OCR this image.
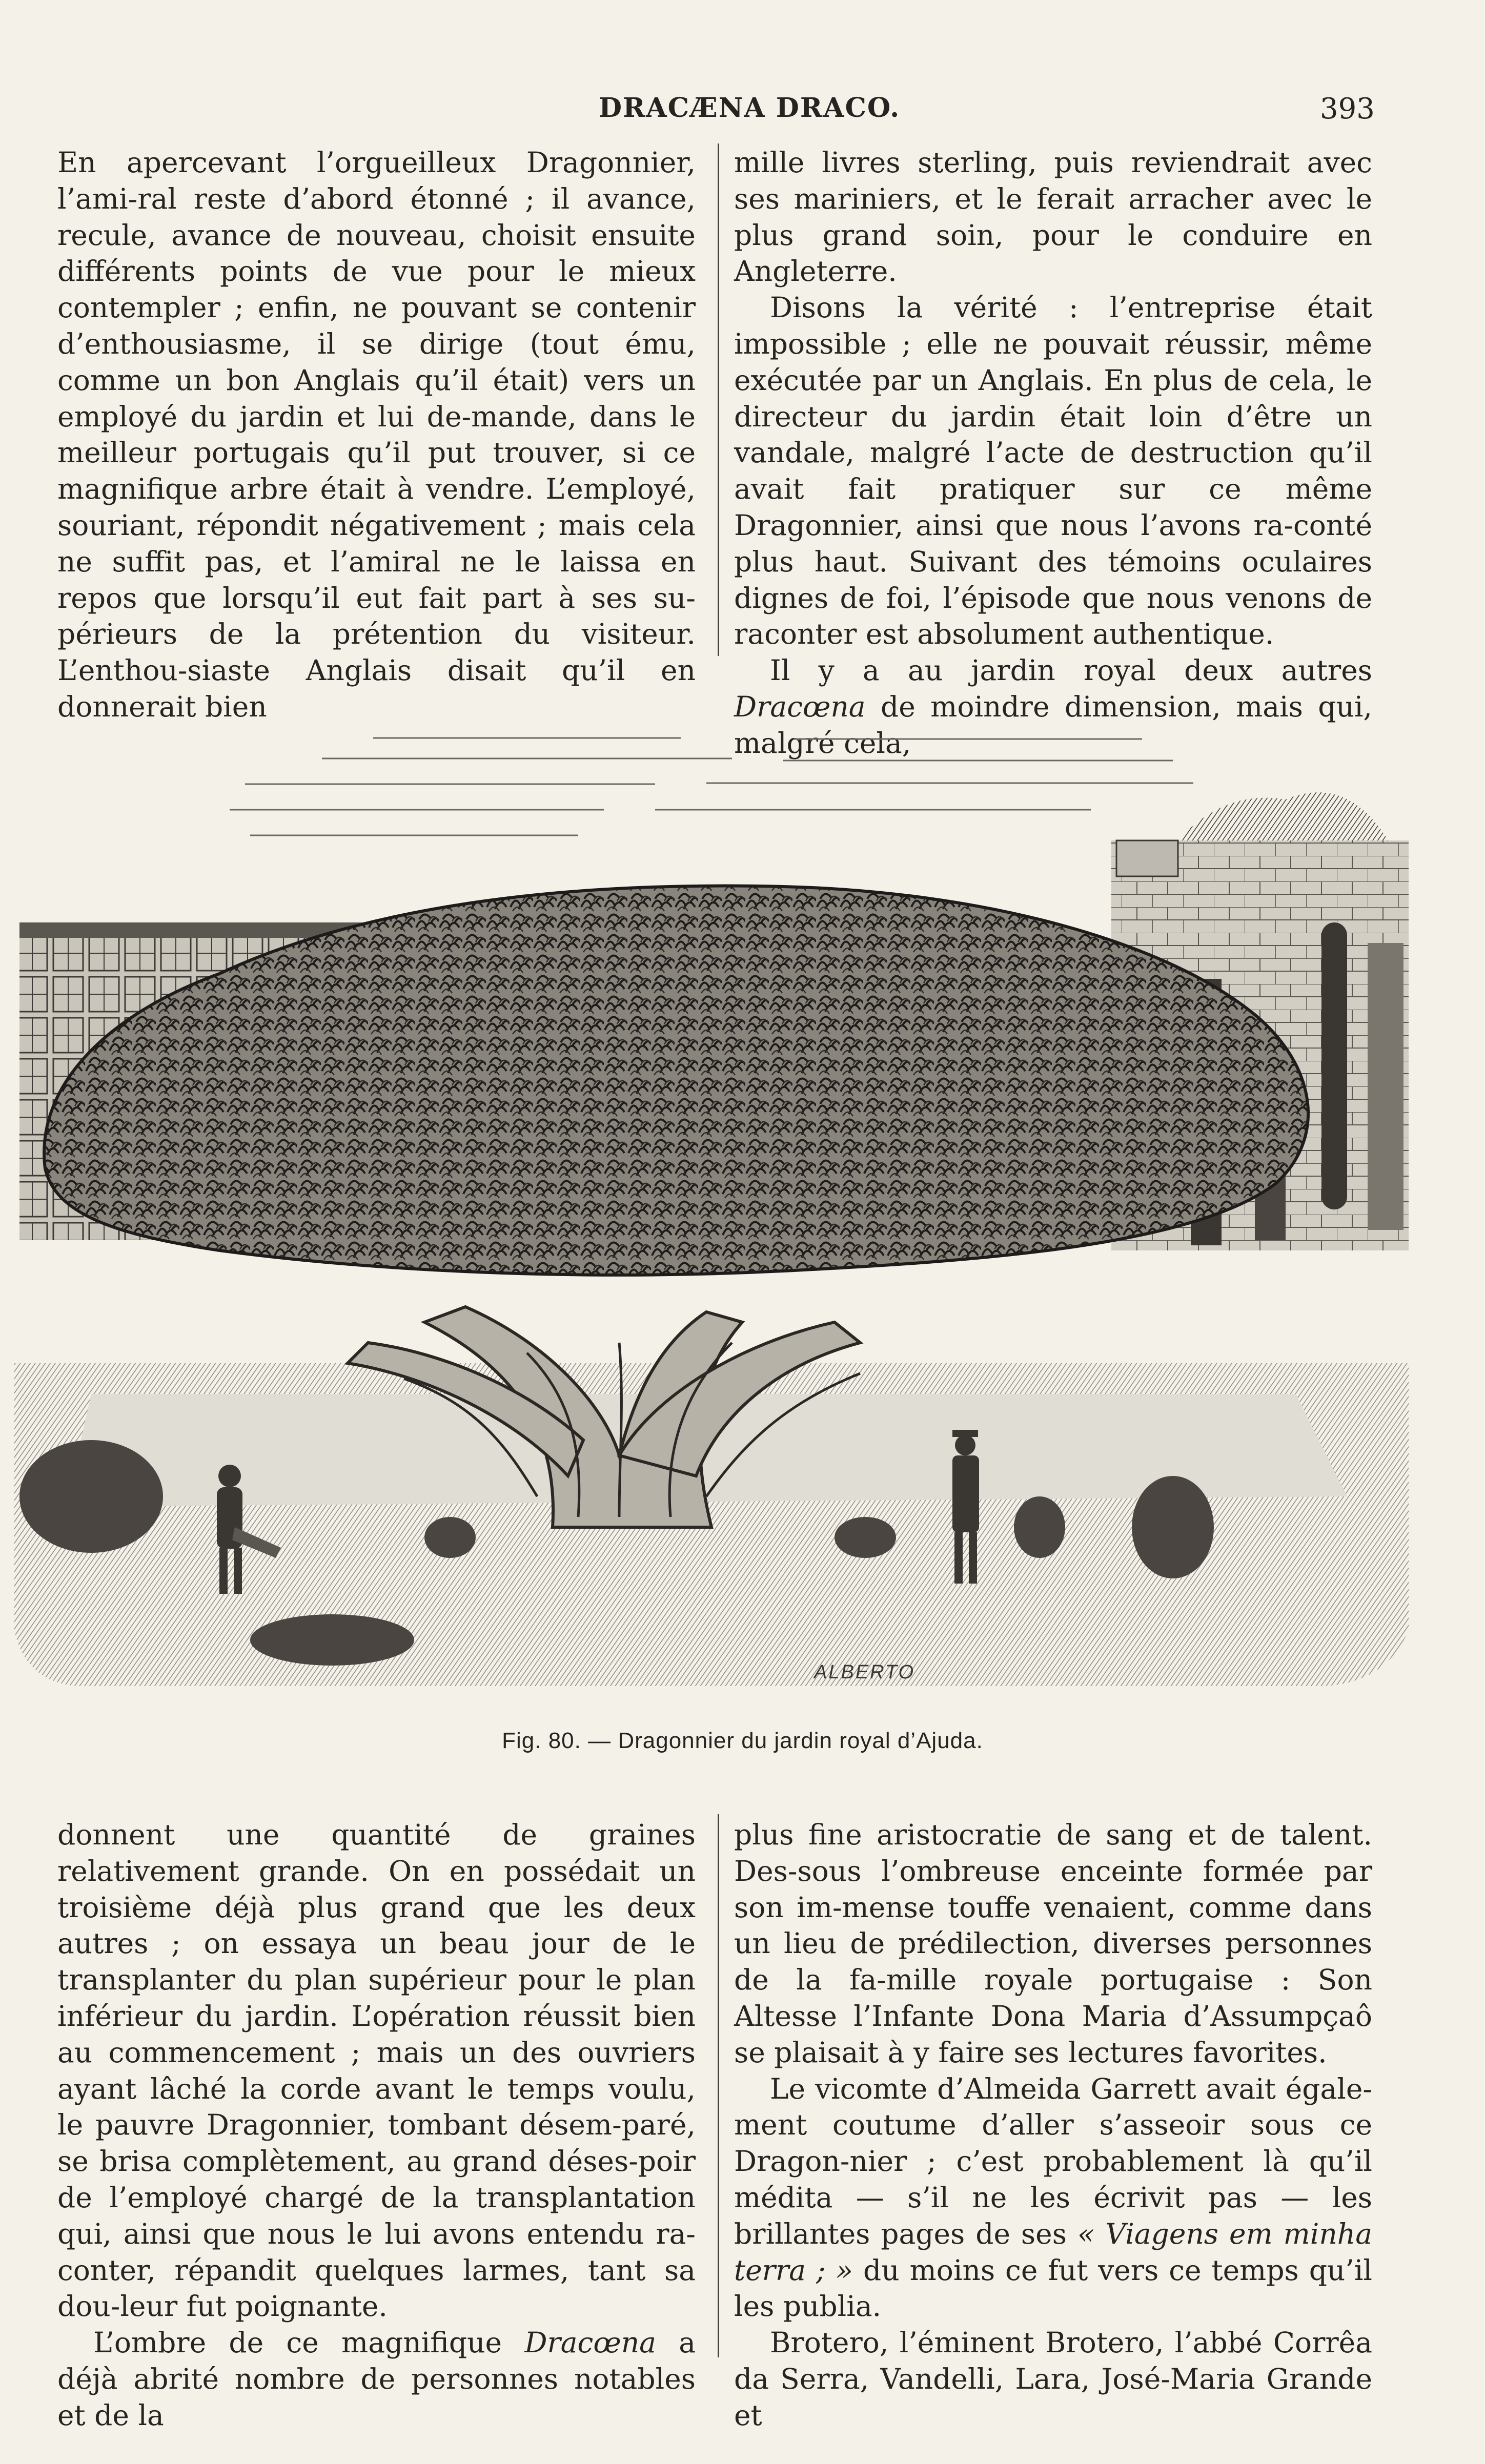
DRACÆNA DRACO.	393

En apercevant l’orgueilleux Dragonnier, l’ami-ral reste d’abord étonné ; il avance, recule, avance de nouveau, choisit ensuite différents points de vue pour le mieux contempler ; enfin, ne pouvant se contenir d’enthousiasme, il se dirige (tout ému, comme un bon Anglais qu’il était) vers un employé du jardin et lui de-mande, dans le meilleur portugais qu’il put trouver, si ce magnifique arbre était à vendre. L’employé, souriant, répondit négativement ; mais cela ne suffit pas, et l’amiral ne le laissa en repos que lorsqu’il eut fait part à ses su-périeurs de la prétention du visiteur. L’enthou-siaste Anglais disait qu’il en donnerait bien

mille livres sterling, puis reviendrait avec ses mariniers, et le ferait arracher avec le plus grand soin, pour le conduire en Angleterre.

Disons la vérité : l’entreprise était impossible ; elle ne pouvait réussir, même exécutée par un Anglais. En plus de cela, le directeur du jardin était loin d’être un vandale, malgré l’acte de destruction qu’il avait fait pratiquer sur ce même Dragonnier, ainsi que nous l’avons ra-conté plus haut. Suivant des témoins oculaires dignes de foi, l’épisode que nous venons de raconter est absolument authentique.

Il y a au jardin royal deux autres Dracœna de moindre dimension, mais qui, malgré cela,

ALBERTO
Fig. 80. — Dragonnier du jardin royal d’Ajuda.

donnent une quantité de graines relativement grande. On en possédait un troisième déjà plus grand que les deux autres ; on essaya un beau jour de le transplanter du plan supérieur pour le plan inférieur du jardin. L’opération réussit bien au commencement ; mais un des ouvriers ayant lâché la corde avant le temps voulu, le pauvre Dragonnier, tombant désem-paré, se brisa complètement, au grand déses-poir de l’employé chargé de la transplantation qui, ainsi que nous le lui avons entendu ra-conter, répandit quelques larmes, tant sa dou-leur fut poignante.

L’ombre de ce magnifique Dracœna a déjà abrité nombre de personnes notables et de la

plus fine aristocratie de sang et de talent. Des-sous l’ombreuse enceinte formée par son im-mense touffe venaient, comme dans un lieu de prédilection, diverses personnes de la fa-mille royale portugaise : Son Altesse l’Infante Dona Maria d’Assumpçaô se plaisait à y faire ses lectures favorites.

Le vicomte d’Almeida Garrett avait égale-ment coutume d’aller s’asseoir sous ce Dragon-nier ; c’est probablement là qu’il médita — s’il ne les écrivit pas — les brillantes pages de ses « Viagens em minha terra ; » du moins ce fut vers ce temps qu’il les publia.

Brotero, l’éminent Brotero, l’abbé Corrêa da Serra, Vandelli, Lara, José-Maria Grande et
